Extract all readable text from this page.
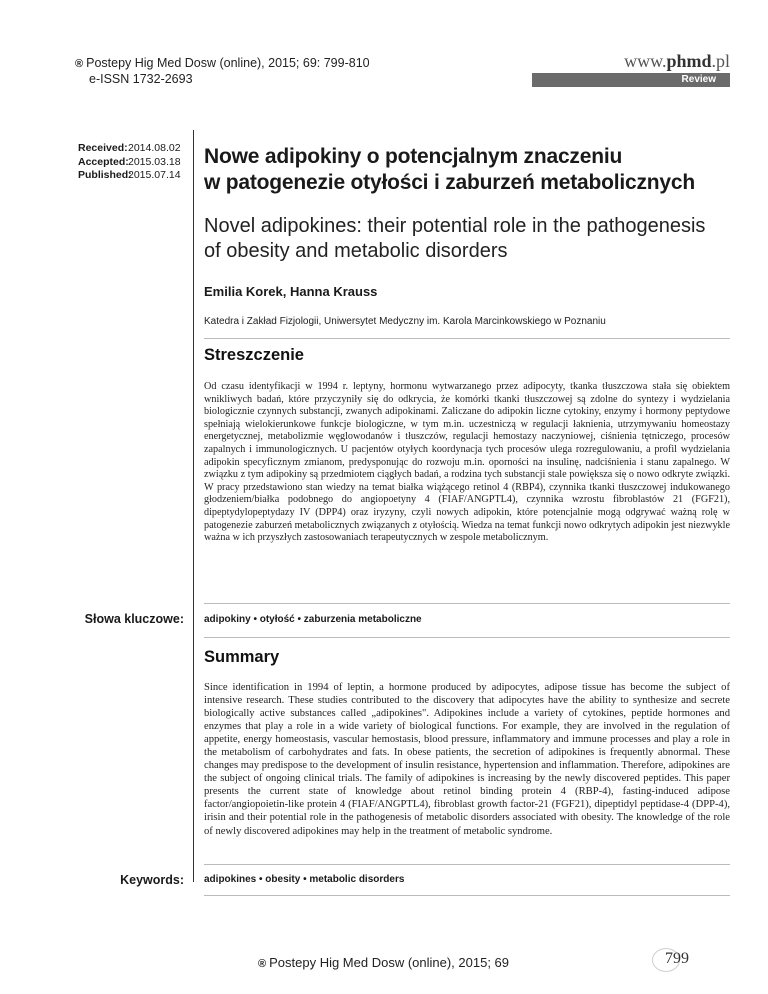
® Postepy Hig Med Dosw (online), 2015; 69: 799-810
e-ISSN 1732-2693
www.phmd.pl
Review
Received:2014.08.02
Accepted:2015.03.18
Published:2015.07.14
Nowe adipokiny o potencjalnym znaczeniu
w patogenezie otyłości i zaburzeń metabolicznych
Novel adipokines: their potential role in the pathogenesis
of obesity and metabolic disorders
Emilia Korek, Hanna Krauss
Katedra i Zakład Fizjologii, Uniwersytet Medyczny im. Karola Marcinkowskiego w Poznaniu
Streszczenie

Od czasu identyfikacji w 1994 r. leptyny, hormonu wytwarzanego przez adipocyty, tkanka tłuszczowa stała się obiektem wnikliwych badań, które przyczyniły się do odkrycia, że komórki tkanki tłuszczowej są zdolne do syntezy i wydzielania biologicznie czynnych substancji, zwanych adipokinami. Zaliczane do adipokin liczne cytokiny, enzymy i hormony peptydowe spełniają wielokierunkowe funkcje biologiczne, w tym m.in. uczestniczą w regulacji łaknienia, utrzymywaniu homeostazy energetycznej, metabolizmie węglowodanów i tłuszczów, regulacji hemostazy naczyniowej, ciśnienia tętniczego, procesów zapalnych i immunologicznych. U pacjentów otyłych koordynacja tych procesów ulega rozregulowaniu, a profil wydzielania adipokin specyficznym zmianom, predysponując do rozwoju m.in. oporności na insulinę, nadciśnienia i stanu zapalnego. W związku z tym adipokiny są przedmiotem ciągłych badań, a rodzina tych substancji stale powiększa się o nowo odkryte związki. W pracy przedstawiono stan wiedzy na temat białka wiążącego retinol 4 (RBP4), czynnika tkanki tłuszczowej indukowanego głodzeniem/białka podobnego do angiopoetyny 4 (FIAF/ANGPTL4), czynnika wzrostu fibroblastów 21 (FGF21), dipeptydylopeptydazy IV (DPP4) oraz iryzyny, czyli nowych adipokin, które potencjalnie mogą odgrywać ważną rolę w patogenezie zaburzeń metabolicznych związanych z otyłością. Wiedza na temat funkcji nowo odkrytych adipokin jest niezwykle ważna w ich przyszłych zastosowaniach terapeutycznych w zespole metabolicznym.

Słowa kluczowe: adipokiny • otyłość • zaburzenia metaboliczne
Summary

Since identification in 1994 of leptin, a hormone produced by adipocytes, adipose tissue has become the subject of intensive research. These studies contributed to the discovery that adipocytes have the ability to synthesize and secrete biologically active substances called „adipokines". Adipokines include a variety of cytokines, peptide hormones and enzymes that play a role in a wide variety of biological functions. For example, they are involved in the regulation of appetite, energy homeostasis, vascular hemostasis, blood pressure, inflammatory and immune processes and play a role in the metabolism of carbohydrates and fats. In obese patients, the secretion of adipokines is frequently abnormal. These changes may predispose to the development of insulin resistance, hypertension and inflammation. Therefore, adipokines are the subject of ongoing clinical trials. The family of adipokines is increasing by the newly discovered peptides. This paper presents the current state of knowledge about retinol binding protein 4 (RBP-4), fasting-induced adipose factor/angiopoietin-like protein 4 (FIAF/ANGPTL4), fibroblast growth factor-21 (FGF21), dipeptidyl peptidase-4 (DPP-4), irisin and their potential role in the pathogenesis of metabolic disorders associated with obesity. The knowledge of the role of newly discovered adipokines may help in the treatment of metabolic syndrome.

Keywords: adipokines • obesity • metabolic disorders
® Postepy Hig Med Dosw (online), 2015; 69	799
